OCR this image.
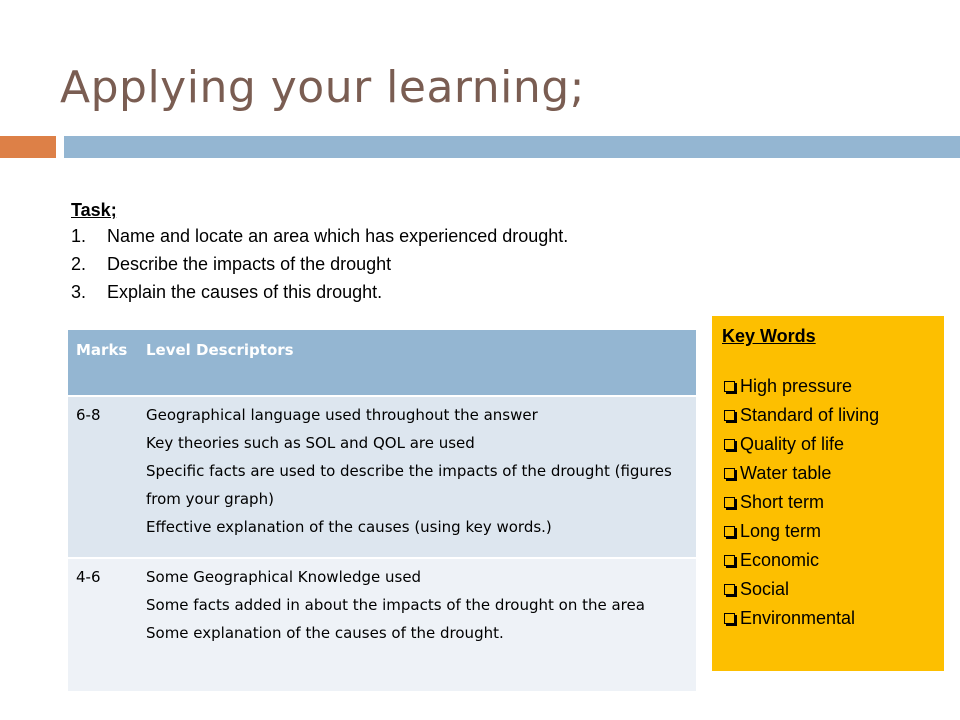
Applying your learning;
Task;
1.	Name and locate an area which has experienced drought.
2.	Describe the impacts of the drought
3.	Explain the causes of this drought.
Marks	Level Descriptors
6-8	Geographical language used throughout the answer
Key theories such as SOL and QOL are used
Specific facts are used to describe the impacts of the drought (figures from your graph)
Effective explanation of the causes (using key words.)

4-6	Some Geographical Knowledge used
Some facts added in about the impacts of the drought on the area
Some explanation of the causes of the drought.
Key Words
High pressure
Standard of living
Quality of life
Water table
Short term
Long term
Economic
Social
Environmental
